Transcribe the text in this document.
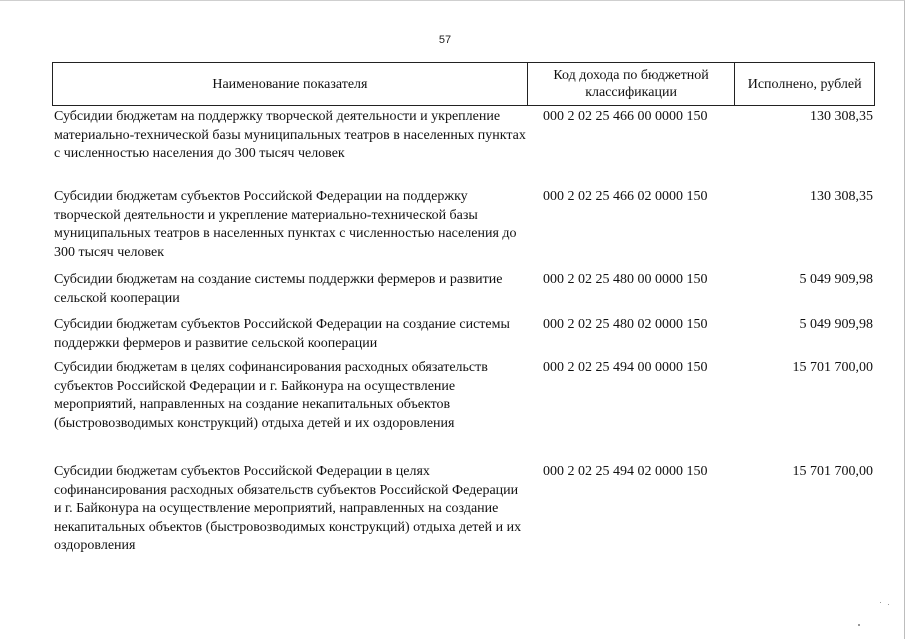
57
Наименование показателя
Код дохода по бюджетной классификации
Исполнено, рублей
Субсидии бюджетам на поддержку творческой деятельности и укрепление материально-технической базы муниципальных театров в населенных пунктах с численностью населения до 300 тысяч человек
000 2 02 25 466 00 0000 150	130 308,35
Субсидии бюджетам субъектов Российской Федерации на поддержку творческой деятельности и укрепление материально-технической базы муниципальных театров в населенных пунктах с численностью населения до 300 тысяч человек
000 2 02 25 466 02 0000 150	130 308,35
Субсидии бюджетам на создание системы поддержки фермеров и развитие сельской кооперации
000 2 02 25 480 00 0000 150	5 049 909,98
Субсидии бюджетам субъектов Российской Федерации на создание системы поддержки фермеров и развитие сельской кооперации
000 2 02 25 480 02 0000 150	5 049 909,98
Субсидии бюджетам в целях софинансирования расходных обязательств субъектов Российской Федерации и г. Байконура на осуществление мероприятий, направленных на создание некапитальных объектов (быстровозводимых конструкций) отдыха детей и их оздоровления
000 2 02 25 494 00 0000 150	15 701 700,00
Субсидии бюджетам субъектов Российской Федерации в целях софинансирования расходных обязательств субъектов Российской Федерации и г. Байконура на осуществление мероприятий, направленных на создание некапитальных объектов (быстровозводимых конструкций) отдыха детей и их оздоровления
000 2 02 25 494 02 0000 150	15 701 700,00
